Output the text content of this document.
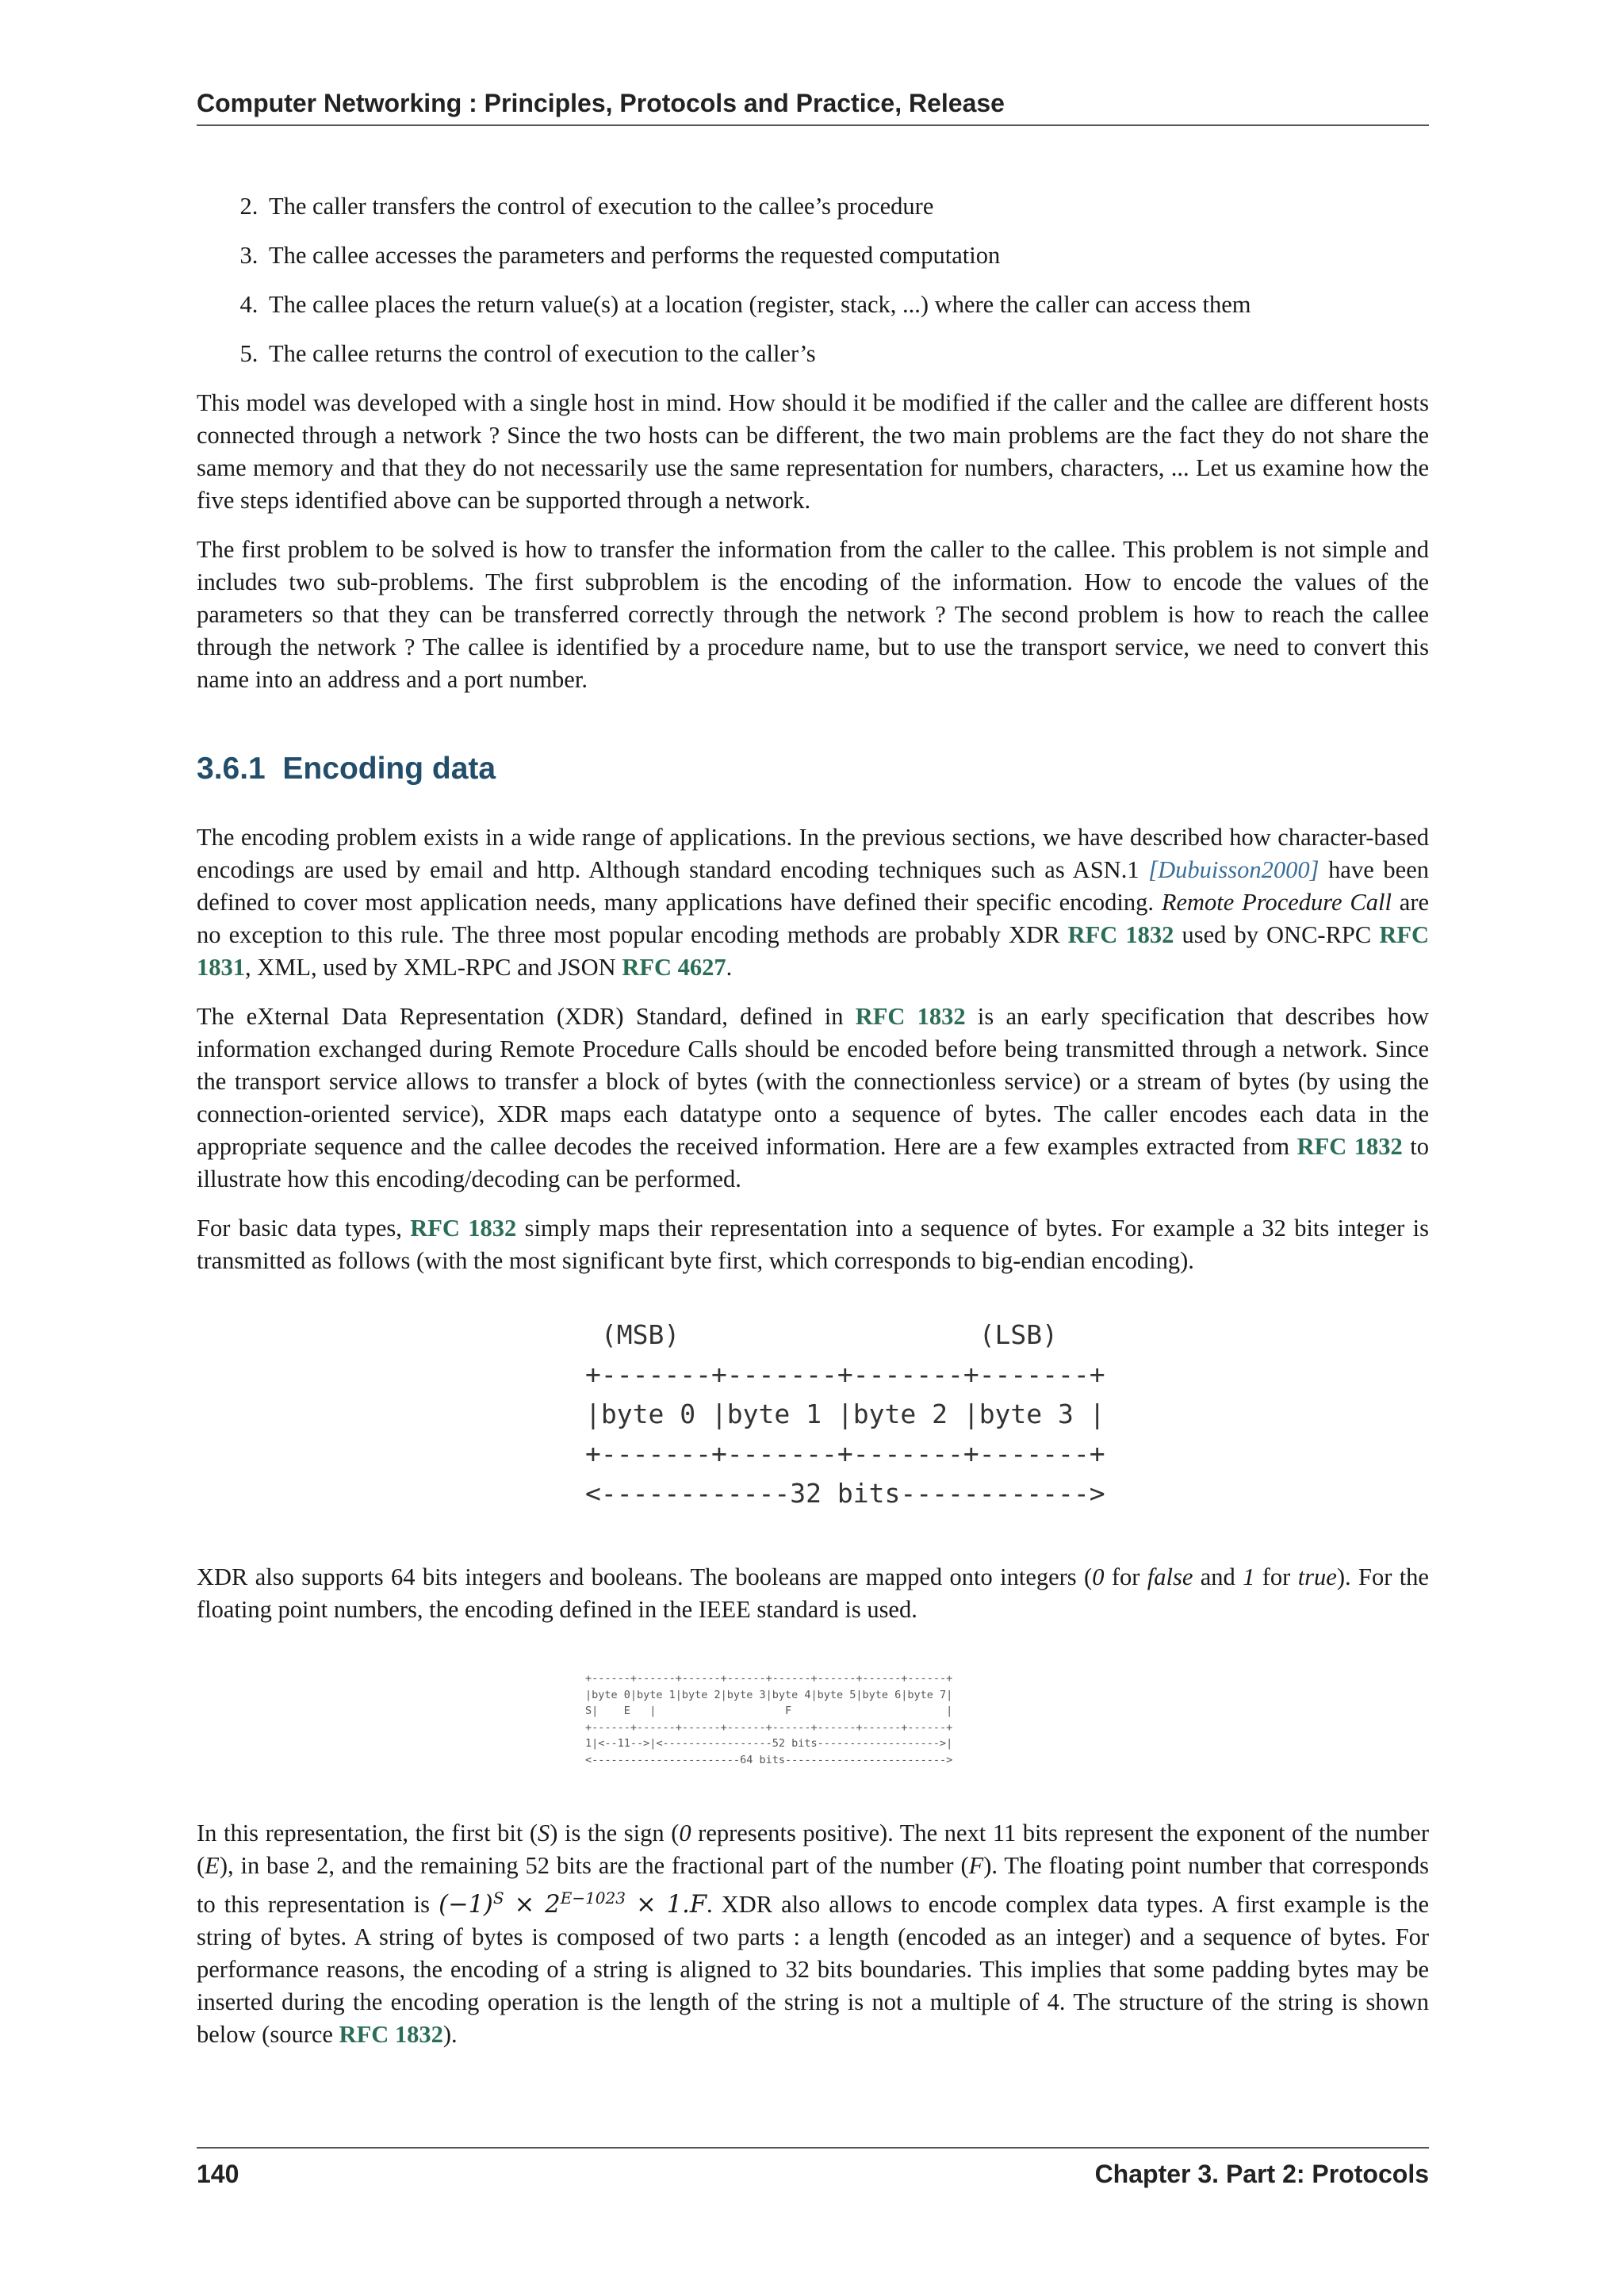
Computer Networking : Principles, Protocols and Practice, Release
2. The caller transfers the control of execution to the callee’s procedure
3. The callee accesses the parameters and performs the requested computation
4. The callee places the return value(s) at a location (register, stack, ...) where the caller can access them
5. The callee returns the control of execution to the caller’s

This model was developed with a single host in mind. How should it be modified if the caller and the callee are different hosts connected through a network ? Since the two hosts can be different, the two main problems are the fact they do not share the same memory and that they do not necessarily use the same representation for numbers, characters, ... Let us examine how the five steps identified above can be supported through a network.

The first problem to be solved is how to transfer the information from the caller to the callee. This problem is not simple and includes two sub-problems. The first subproblem is the encoding of the information. How to encode the values of the parameters so that they can be transferred correctly through the network ? The second problem is how to reach the callee through the network ? The callee is identified by a procedure name, but to use the transport service, we need to convert this name into an address and a port number.

3.6.1 Encoding data

The encoding problem exists in a wide range of applications. In the previous sections, we have described how character-based encodings are used by email and http. Although standard encoding techniques such as ASN.1 [Dubuisson2000] have been defined to cover most application needs, many applications have defined their specific encoding. Remote Procedure Call are no exception to this rule. The three most popular encoding methods are probably XDR RFC 1832 used by ONC-RPC RFC 1831, XML, used by XML-RPC and JSON RFC 4627.

The eXternal Data Representation (XDR) Standard, defined in RFC 1832 is an early specification that describes how information exchanged during Remote Procedure Calls should be encoded before being transmitted through a network. Since the transport service allows to transfer a block of bytes (with the connectionless service) or a stream of bytes (by using the connection-oriented service), XDR maps each datatype onto a sequence of bytes. The caller encodes each data in the appropriate sequence and the callee decodes the received information. Here are a few examples extracted from RFC 1832 to illustrate how this encoding/decoding can be performed.

For basic data types, RFC 1832 simply maps their representation into a sequence of bytes. For example a 32 bits integer is transmitted as follows (with the most significant byte first, which corresponds to big-endian encoding).

(MSB)                   (LSB)
+-------+-------+-------+-------+
|byte 0 |byte 1 |byte 2 |byte 3 |
+-------+-------+-------+-------+
<------------32 bits------------>

XDR also supports 64 bits integers and booleans. The booleans are mapped onto integers (0 for false and 1 for true). For the floating point numbers, the encoding defined in the IEEE standard is used.

+------+------+------+------+------+------+------+------+
|byte 0|byte 1|byte 2|byte 3|byte 4|byte 5|byte 6|byte 7|
S|    E   |                    F                        |
+------+------+------+------+------+------+------+------+
1|<--11-->|<-----------------52 bits------------------->|
<-----------------------64 bits------------------------->

In this representation, the first bit (S) is the sign (0 represents positive). The next 11 bits represent the exponent of the number (E), in base 2, and the remaining 52 bits are the fractional part of the number (F). The floating point number that corresponds to this representation is $(-1)^S \times 2^{E-1023} \times 1.F$. XDR also allows to encode complex data types. A first example is the string of bytes. A string of bytes is composed of two parts : a length (encoded as an integer) and a sequence of bytes. For performance reasons, the encoding of a string is aligned to 32 bits boundaries. This implies that some padding bytes may be inserted during the encoding operation is the length of the string is not a multiple of 4. The structure of the string is shown below (source RFC 1832).

140	Chapter 3. Part 2: Protocols
